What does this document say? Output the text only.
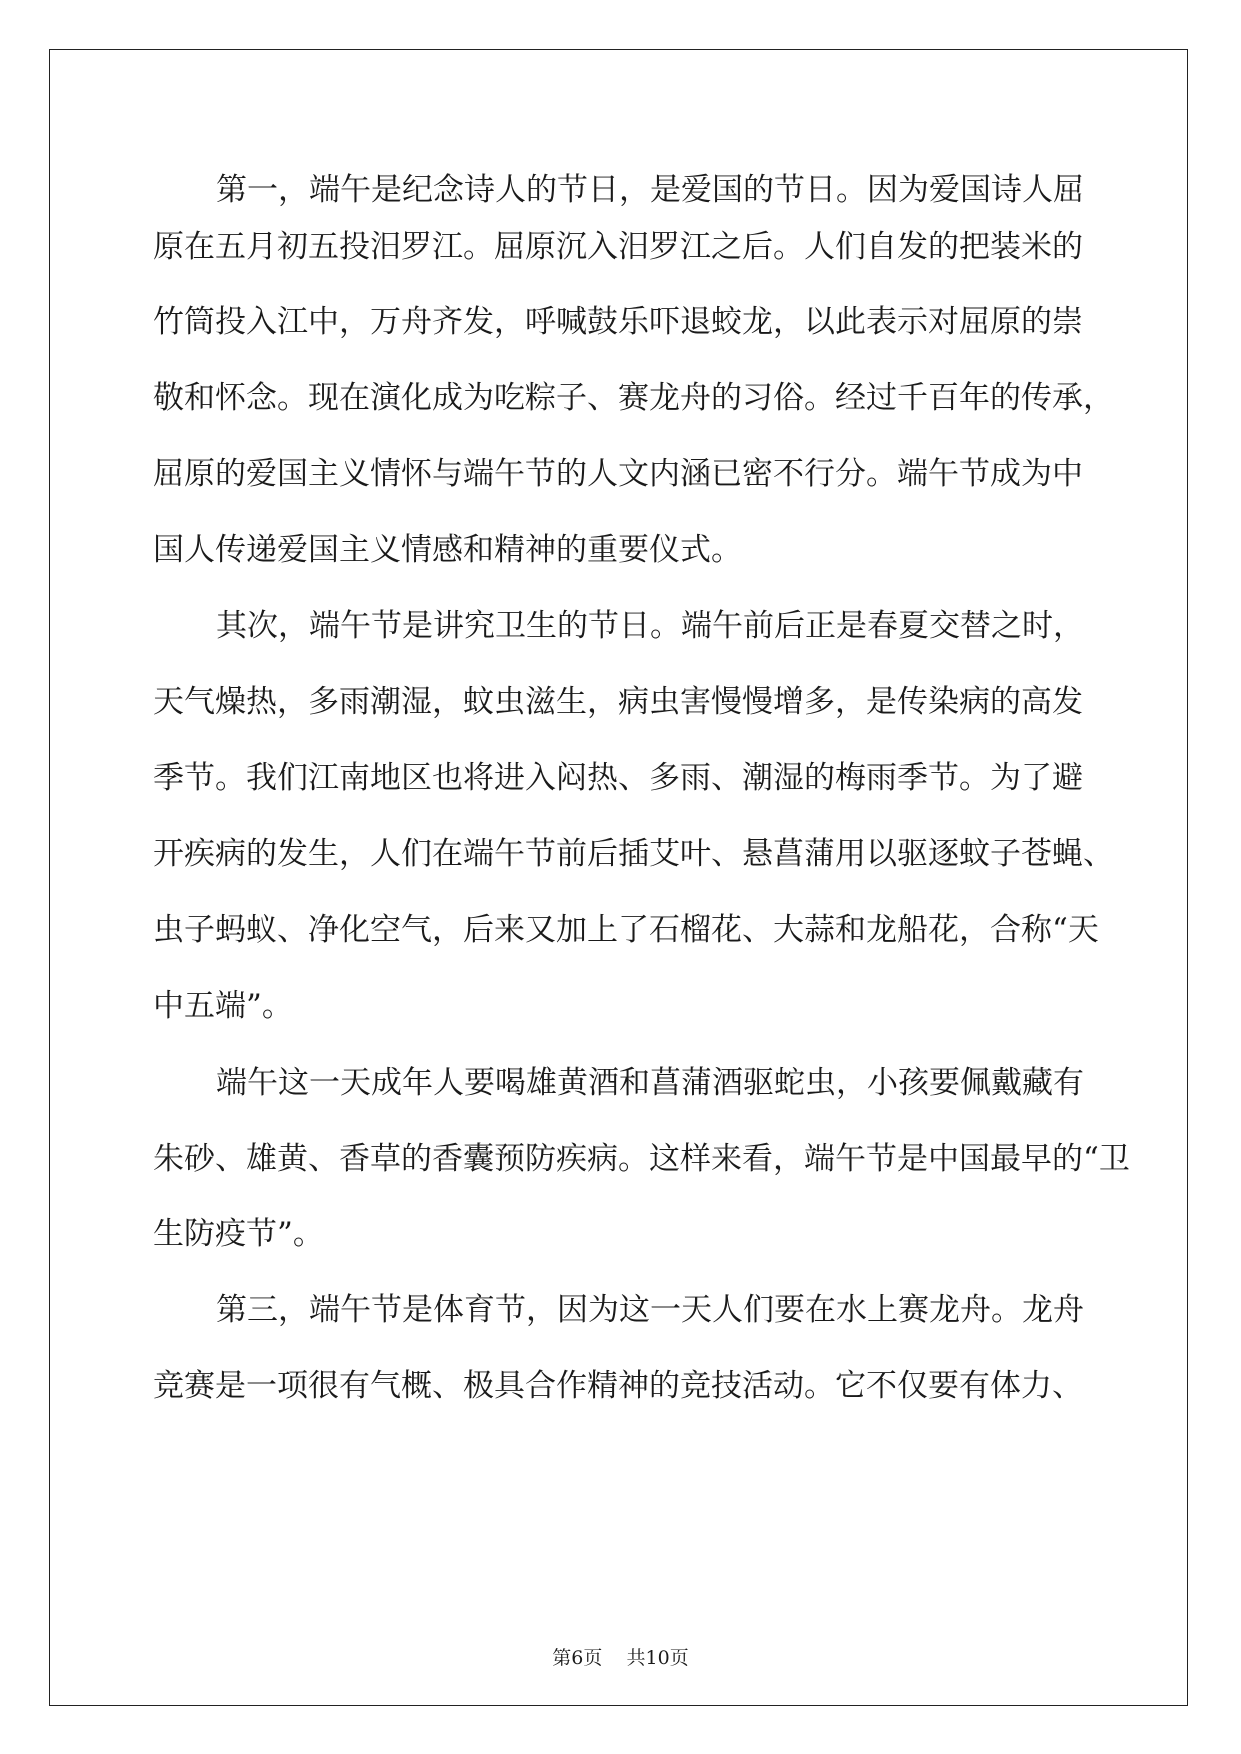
第一，端午是纪念诗人的节日，是爱国的节日。因为爱国诗人屈
原在五月初五投汨罗江。屈原沉入汨罗江之后。人们自发的把装米的
竹筒投入江中，万舟齐发，呼喊鼓乐吓退蛟龙，以此表示对屈原的崇
敬和怀念。现在演化成为吃粽子、赛龙舟的习俗。经过千百年的传承，
屈原的爱国主义情怀与端午节的人文内涵已密不行分。端午节成为中
国人传递爱国主义情感和精神的重要仪式。
其次，端午节是讲究卫生的节日。端午前后正是春夏交替之时，
天气燥热，多雨潮湿，蚊虫滋生，病虫害慢慢增多，是传染病的高发
季节。我们江南地区也将进入闷热、多雨、潮湿的梅雨季节。为了避
开疾病的发生，人们在端午节前后插艾叶、悬菖蒲用以驱逐蚊子苍蝇、
虫子蚂蚁、净化空气，后来又加上了石榴花、大蒜和龙船花，合称“天
中五端”。
端午这一天成年人要喝雄黄酒和菖蒲酒驱蛇虫，小孩要佩戴藏有
朱砂、雄黄、香草的香囊预防疾病。这样来看，端午节是中国最早的“卫
生防疫节”。
第三，端午节是体育节，因为这一天人们要在水上赛龙舟。龙舟
竞赛是一项很有气概、极具合作精神的竞技活动。它不仅要有体力、
第6页    共10页
